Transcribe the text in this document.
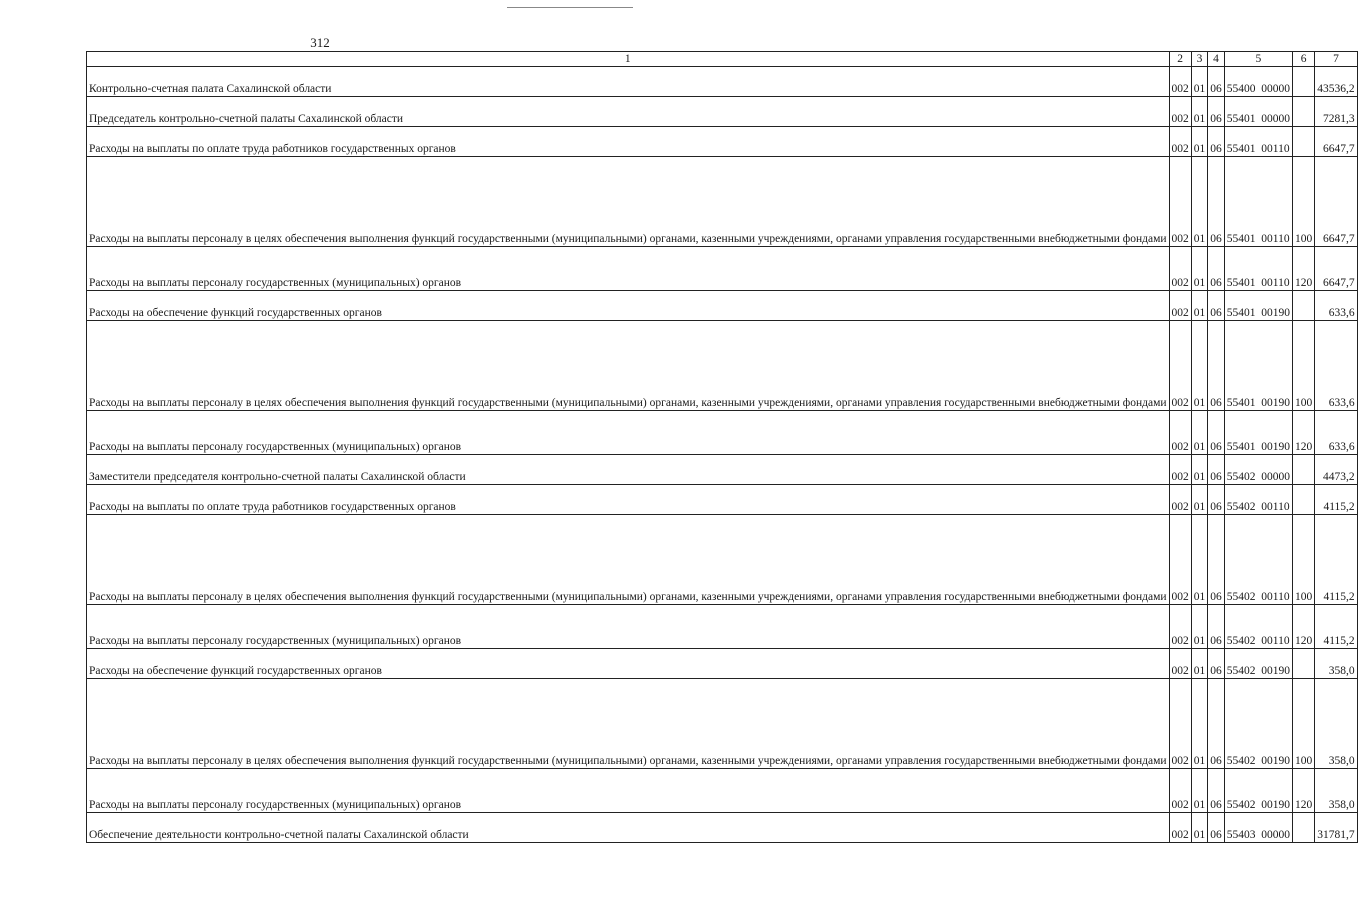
312
1	2	3	4	5	6	7
Контрольно-счетная палата Сахалинской области	002	01	06	55400  00000		43536,2
Председатель контрольно-счетной палаты Сахалинской области	002	01	06	55401  00000		7281,3
Расходы на выплаты по оплате труда работников государственных органов	002	01	06	55401  00110		6647,7
Расходы на выплаты персоналу в целях обеспечения выполнения функций государственными (муниципальными) органами, казенными учреждениями, органами управления государственными внебюджетными фондами	002	01	06	55401  00110	100	6647,7
Расходы на выплаты персоналу государственных (муниципальных) органов	002	01	06	55401  00110	120	6647,7
Расходы на обеспечение функций государственных органов	002	01	06	55401  00190		633,6
Расходы на выплаты персоналу в целях обеспечения выполнения функций государственными (муниципальными) органами, казенными учреждениями, органами управления государственными внебюджетными фондами	002	01	06	55401  00190	100	633,6
Расходы на выплаты персоналу государственных (муниципальных) органов	002	01	06	55401  00190	120	633,6
Заместители председателя контрольно-счетной палаты Сахалинской области	002	01	06	55402  00000		4473,2
Расходы на выплаты по оплате труда работников государственных органов	002	01	06	55402  00110		4115,2
Расходы на выплаты персоналу в целях обеспечения выполнения функций государственными (муниципальными) органами, казенными учреждениями, органами управления государственными внебюджетными фондами	002	01	06	55402  00110	100	4115,2
Расходы на выплаты персоналу государственных (муниципальных) органов	002	01	06	55402  00110	120	4115,2
Расходы на обеспечение функций государственных органов	002	01	06	55402  00190		358,0
Расходы на выплаты персоналу в целях обеспечения выполнения функций государственными (муниципальными) органами, казенными учреждениями, органами управления государственными внебюджетными фондами	002	01	06	55402  00190	100	358,0
Расходы на выплаты персоналу государственных (муниципальных) органов	002	01	06	55402  00190	120	358,0
Обеспечение деятельности контрольно-счетной палаты Сахалинской области	002	01	06	55403  00000		31781,7
